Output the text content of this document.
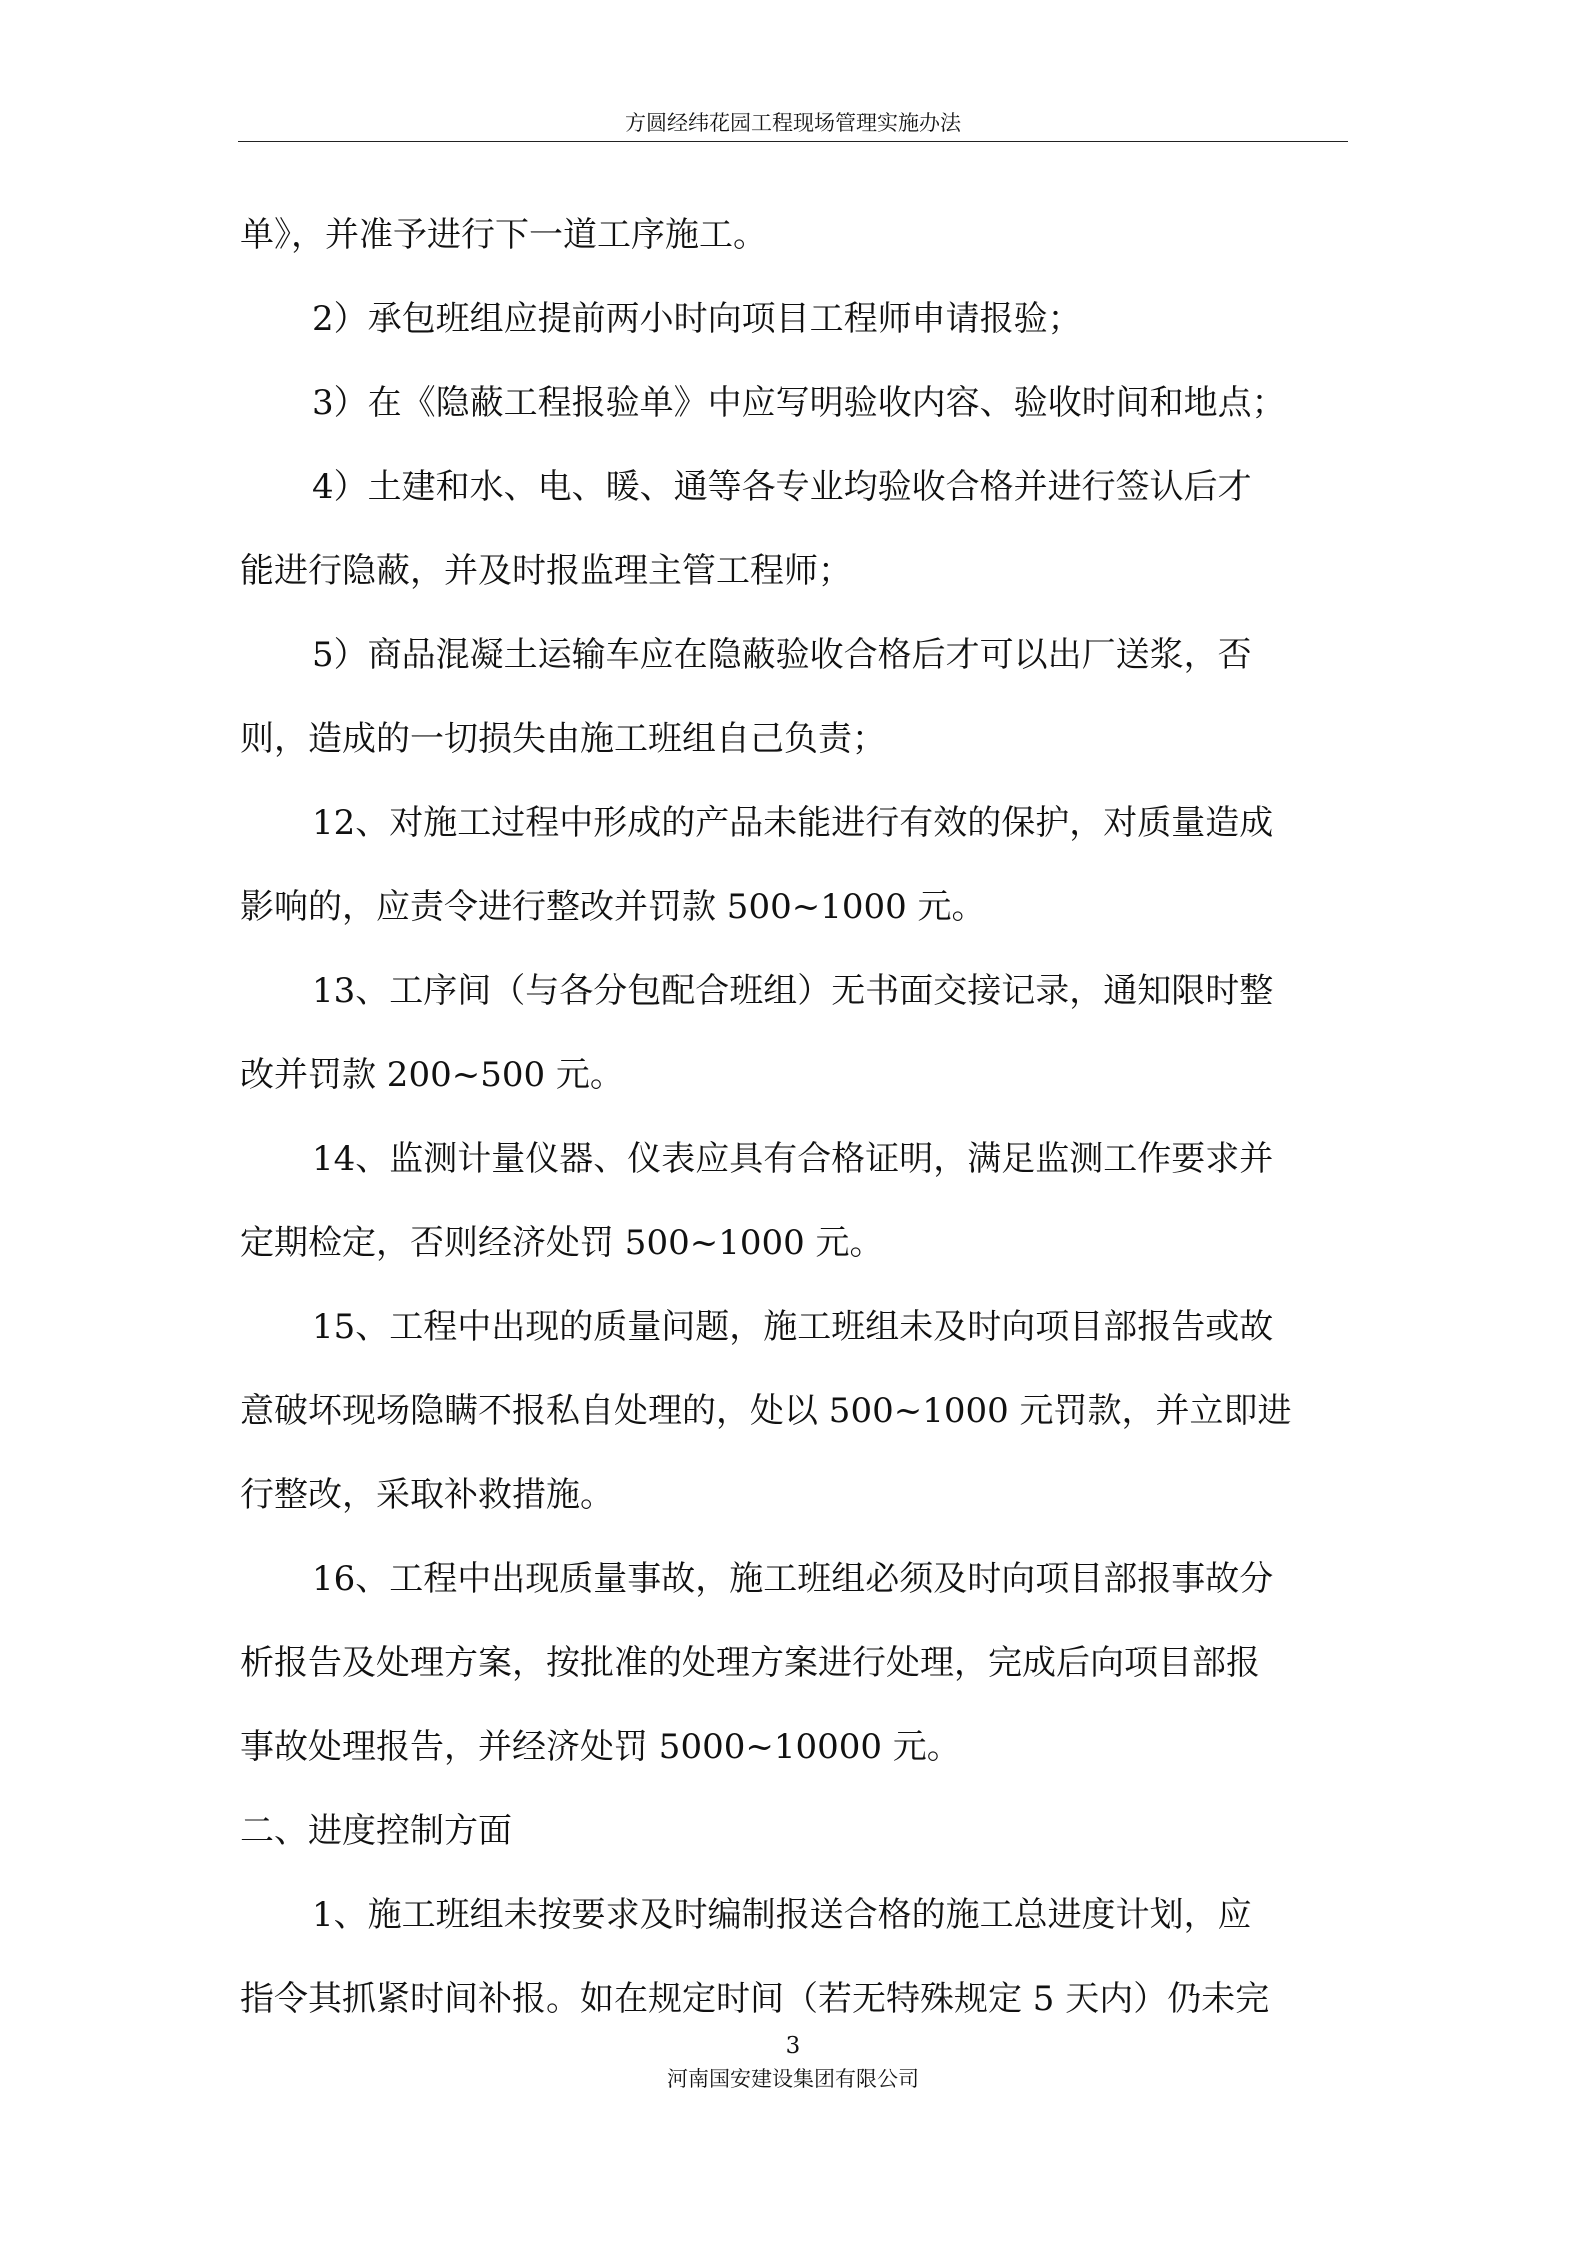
方圆经纬花园工程现场管理实施办法
单》，并准予进行下一道工序施工。
2）承包班组应提前两小时向项目工程师申请报验；
3）在《隐蔽工程报验单》中应写明验收内容、验收时间和地点；
4）土建和水、电、暖、通等各专业均验收合格并进行签认后才
能进行隐蔽，并及时报监理主管工程师；
5）商品混凝土运输车应在隐蔽验收合格后才可以出厂送浆，否
则，造成的一切损失由施工班组自己负责；
12、对施工过程中形成的产品未能进行有效的保护，对质量造成
影响的，应责令进行整改并罚款 500~1000 元。
13、工序间（与各分包配合班组）无书面交接记录，通知限时整
改并罚款 200~500 元。
14、监测计量仪器、仪表应具有合格证明，满足监测工作要求并
定期检定，否则经济处罚 500~1000 元。
15、工程中出现的质量问题，施工班组未及时向项目部报告或故
意破坏现场隐瞒不报私自处理的，处以 500~1000 元罚款，并立即进
行整改，采取补救措施。
16、工程中出现质量事故，施工班组必须及时向项目部报事故分
析报告及处理方案，按批准的处理方案进行处理，完成后向项目部报
事故处理报告，并经济处罚 5000~10000 元。
二、进度控制方面
1、施工班组未按要求及时编制报送合格的施工总进度计划，应
指令其抓紧时间补报。如在规定时间（若无特殊规定 5 天内）仍未完
3
河南国安建设集团有限公司
